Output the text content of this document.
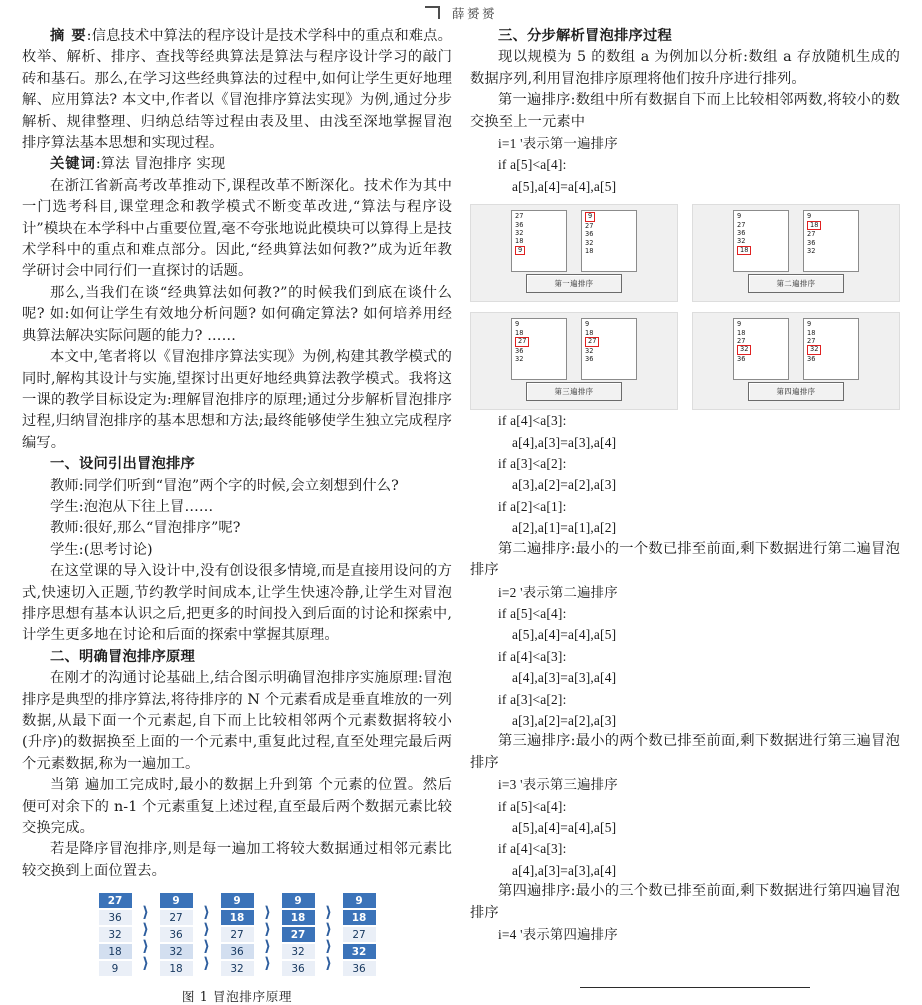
薛赟赟

摘 要:信息技术中算法的程序设计是技术学科中的重点和难点。枚举、解析、排序、查找等经典算法是算法与程序设计学习的敲门砖和基石。那么,在学习这些经典算法的过程中,如何让学生更好地理解、应用算法? 本文中,作者以《冒泡排序算法实现》为例,通过分步解析、规律整理、归纳总结等过程由表及里、由浅至深地掌握冒泡排序算法基本思想和实现过程。

关键词:算法 冒泡排序 实现

在浙江省新高考改革推动下,课程改革不断深化。技术作为其中一门选考科目,课堂理念和教学模式不断变革改进,“算法与程序设计”模块在本学科中占重要位置,毫不夸张地说此模块可以算得上是技术学科中的重点和难点部分。因此,“经典算法如何教?”成为近年教学研讨会中同行们一直探讨的话题。

那么,当我们在谈“经典算法如何教?”的时候我们到底在谈什么呢? 如:如何让学生有效地分析问题? 如何确定算法? 如何培养用经典算法解决实际问题的能力? ……

本文中,笔者将以《冒泡排序算法实现》为例,构建其教学模式的同时,解构其设计与实施,望探讨出更好地经典算法教学模式。我将这一课的教学目标设定为:理解冒泡排序的原理;通过分步解析冒泡排序过程,归纳冒泡排序的基本思想和方法;最终能够使学生独立完成程序编写。

一、设问引出冒泡排序

教师:同学们听到“冒泡”两个字的时候,会立刻想到什么?

学生:泡泡从下往上冒……

教师:很好,那么“冒泡排序”呢?

学生:(思考讨论)

在这堂课的导入设计中,没有创设很多情境,而是直接用设问的方式,快速切入正题,节约教学时间成本,让学生快速冷静,让学生对冒泡排序思想有基本认识之后,把更多的时间投入到后面的讨论和探索中,计学生更多地在讨论和后面的探索中掌握其原理。

二、明确冒泡排序原理

在刚才的沟通讨论基础上,结合图示明确冒泡排序实施原理:冒泡排序是典型的排序算法,将待排序的 N 个元素看成是垂直堆放的一列数据,从最下面一个元素起,自下而上比较相邻两个元素数据将较小(升序)的数据换至上面的一个元素中,重复此过程,直至处理完最后两个元素数据,称为一遍加工。

当第 遍加工完成时,最小的数据上升到第 个元素的位置。然后便可对余下的 n-1 个元素重复上述过程,直至最后两个数据元素比较交换完成。

若是降序冒泡排序,则是每一遍加工将较大数据通过相邻元素比较交换到上面位置去。

27
36
32
18
9
⟩
⟩
⟩
⟩
9
27
36
32
18
⟩
⟩
⟩
⟩
9
18
27
36
32
⟩
⟩
⟩
⟩
9
18
27
32
36
⟩
⟩
⟩
⟩
9
18
27
32
36
图 1 冒泡排序原理
三、分步解析冒泡排序过程

现以规模为 5 的数组 a 为例加以分析:数组 a 存放随机生成的数据序列,利用冒泡排序原理将他们按升序进行排列。

第一遍排序:数组中所有数据自下而上比较相邻两数,将较小的数交换至上一元素中

i=1 '表示第一遍排序

if a[5]<a[4]:

a[5],a[4]=a[4],a[5]

27
36
32
18
9
9
27
36
32
18
第一遍排序
9
27
36
32
18
9
18
27
36
32
第二遍排序
9
18
27
36
32
9
18
27
32
36
第三遍排序
9
18
27
32
36
9
18
27
32
36
第四遍排序

if a[4]<a[3]:

a[4],a[3]=a[3],a[4]

if a[3]<a[2]:

a[3],a[2]=a[2],a[3]

if a[2]<a[1]:

a[2],a[1]=a[1],a[2]

第二遍排序:最小的一个数已排至前面,剩下数据进行第二遍冒泡排序

i=2 '表示第二遍排序

if a[5]<a[4]:

a[5],a[4]=a[4],a[5]

if a[4]<a[3]:

a[4],a[3]=a[3],a[4]

if a[3]<a[2]:

a[3],a[2]=a[2],a[3]

第三遍排序:最小的两个数已排至前面,剩下数据进行第三遍冒泡排序

i=3 '表示第三遍排序

if a[5]<a[4]:

a[5],a[4]=a[4],a[5]

if a[4]<a[3]:

a[4],a[3]=a[3],a[4]

第四遍排序:最小的三个数已排至前面,剩下数据进行第四遍冒泡排序

i=4 '表示第四遍排序
